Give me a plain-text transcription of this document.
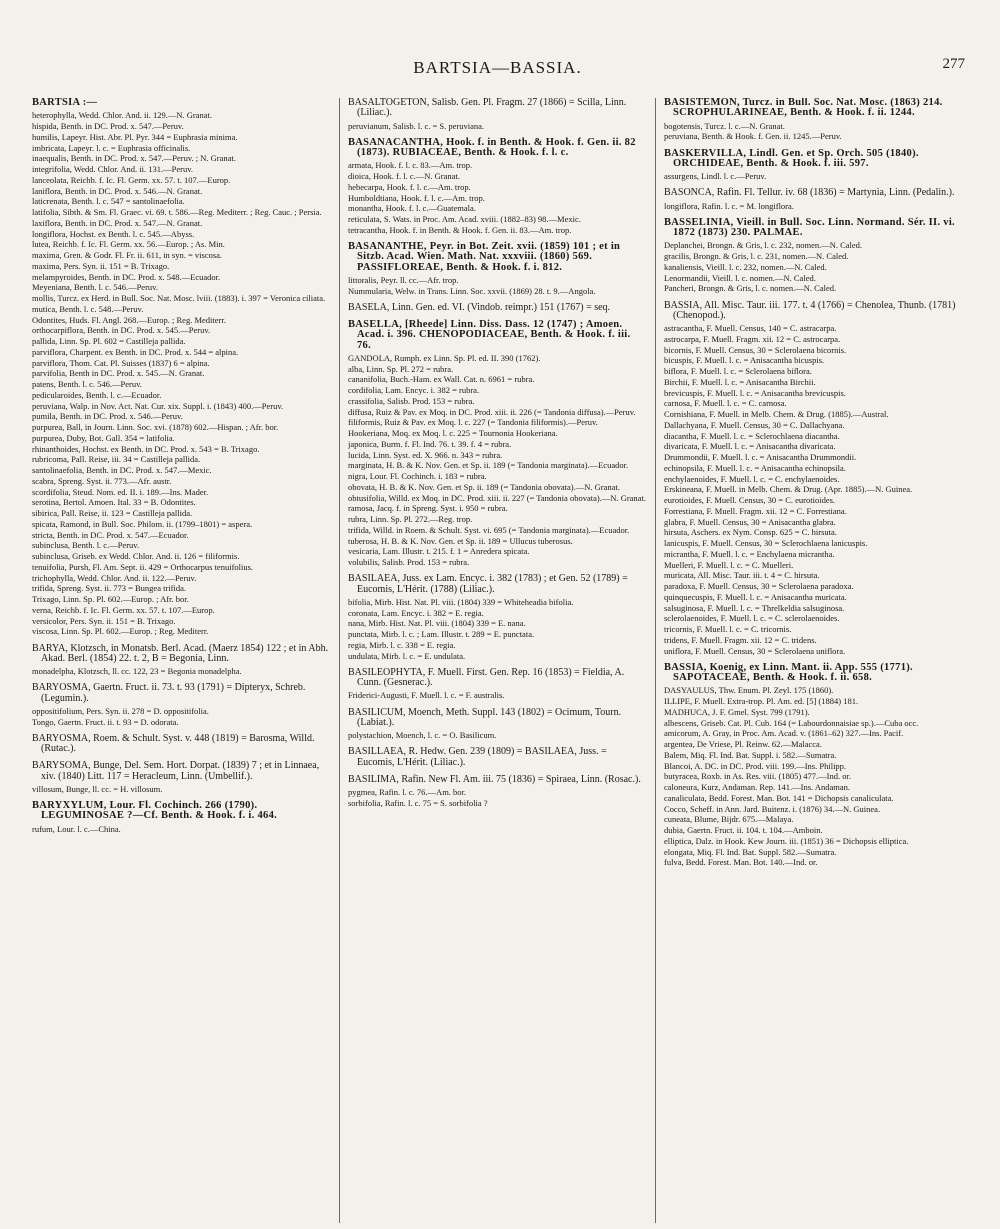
BARTSIA—BASSIA.	277
BARTSIA :—
heterophylla, Wedd. Chlor. And. ii. 129.—N. Granat.
hispida, Benth. in DC. Prod. x. 547.—Peruv.
humilis, Lapeyr. Hist. Abr. Pl. Pyr. 344 = Euphrasia minima.
imbricata, Lapeyr. l. c. = Euphrasia officinalis.
inaequalis, Benth. in DC. Prod. x. 547.—Peruv. ; N. Granat.
integrifolia, Wedd. Chlor. And. ii. 131.—Peruv.
lanceolata, Reichb. f. Ic. Fl. Germ. xx. 57. t. 107.—Europ.
laniflora, Benth. in DC. Prod. x. 546.—N. Granat.
laticrenata, Benth. l. c. 547 = santolinaefolia.
latifolia, Sibth. & Sm. Fl. Graec. vi. 69. t. 586.—Reg. Mediterr. ; Reg. Cauc. ; Persia.
laxiflora, Benth. in DC. Prod. x. 547.—N. Granat.
longiflora, Hochst. ex Benth. l. c. 545.—Abyss.
lutea, Reichb. f. Ic. Fl. Germ. xx. 56.—Europ. ; As. Min.
maxima, Gren. & Godr. Fl. Fr. ii. 611, in syn. = viscosa.
maxima, Pers. Syn. ii. 151 = B. Trixago.
melampyroides, Benth. in DC. Prod. x. 548.—Ecuador.
Meyeniana, Benth. l. c. 546.—Peruv.
mollis, Turcz. ex Herd. in Bull. Soc. Nat. Mosc. lviii. (1883). i. 397 = Veronica ciliata.
mutica, Benth. l. c. 548.—Peruv.
Odontites, Huds. Fl. Angl. 268.—Europ. ; Reg. Mediterr.
orthocarpiflora, Benth. in DC. Prod. x. 545.—Peruv.
pallida, Linn. Sp. Pl. 602 = Castilleja pallida.
parviflora, Charpent. ex Benth. in DC. Prod. x. 544 = alpina.
parviflora, Thom. Cat. Pl. Suisses (1837) 6 = alpina.
parvifolia, Benth in DC. Prod. x. 545.—N. Granat.
patens, Benth. l. c. 546.—Peruv.
pedicularoides, Benth. l. c.—Ecuador.
peruviana, Walp. in Nov. Act. Nat. Cur. xix. Suppl. i. (1843) 400.—Peruv.
pumila, Benth. in DC. Prod. x. 546.—Peruv.
purpurea, Ball, in Journ. Linn. Soc. xvi. (1878) 602.—Hispan. ; Afr. bor.
purpurea, Duby, Bot. Gall. 354 = latifolia.
rhinanthoides, Hochst. ex Benth. in DC. Prod. x. 543 = B. Trixago.
rubricoma, Pall. Reise, iii. 34 = Castilleja pallida.
santolinaefolia, Benth. in DC. Prod. x. 547.—Mexic.
scabra, Spreng. Syst. ii. 773.—Afr. austr.
scordifolia, Steud. Nom. ed. II. i. 189.—Ins. Mader.
serotina, Bertol. Amoen. Ital. 33 = B. Odontites.
sibirica, Pall. Reise, ii. 123 = Castilleja pallida.
spicata, Ramond, in Bull. Soc. Philom. ii. (1799–1801) = aspera.
stricta, Benth. in DC. Prod. x. 547.—Ecuador.
subinclusa, Benth. l. c.—Peruv.
subinclusa, Griseb. ex Wedd. Chlor. And. ii. 126 = filiformis.
tenuifolia, Pursh, Fl. Am. Sept. ii. 429 = Orthocarpus tenuifolius.
trichophylla, Wedd. Chlor. And. ii. 122.—Peruv.
trifida, Spreng. Syst. ii. 773 = Bungea trifida.
Trixago, Linn. Sp. Pl. 602.—Europ. ; Afr. bor.
verna, Reichb. f. Ic. Fl. Germ. xx. 57. t. 107.—Europ.
versicolor, Pers. Syn. ii. 151 = B. Trixago.
viscosa, Linn. Sp. Pl. 602.—Europ. ; Reg. Mediterr.
BARYA, Klotzsch, in Monatsb. Berl. Acad. (Maerz 1854) 122 ; et in Abh. Akad. Berl. (1854) 22. t. 2, B = Begonia, Linn.
monadelpha, Klotzsch, ll. cc. 122, 23 = Begonia monadelpha.
BARYOSMA, Gaertn. Fruct. ii. 73. t. 93 (1791) = Dipteryx, Schreb. (Legumin.).
oppositifolium, Pers. Syn. ii. 278 = D. oppositifolia.
Tongo, Gaertn. Fruct. ii. t. 93 = D. odorata.
BARYOSMA, Roem. & Schult. Syst. v. 448 (1819) = Barosma, Willd. (Rutac.).
BARYSOMA, Bunge, Del. Sem. Hort. Dorpat. (1839) 7 ; et in Linnaea, xiv. (1840) Litt. 117 = Heracleum, Linn. (Umbellif.).
villosum, Bunge, ll. cc. = H. villosum.
BARYXYLUM, Lour. Fl. Cochinch. 266 (1790). LEGUMINOSAE ?—Cf. Benth. & Hook. f. i. 464.
rufum, Lour. l. c.—China.
BASALTOGETON, Salisb. Gen. Pl. Fragm. 27 (1866) = Scilla, Linn. (Liliac.).
peruvianum, Salisb. l. c. = S. peruviana.
BASANACANTHA, Hook. f. in Benth. & Hook. f. Gen. ii. 82 (1873). RUBIACEAE, Benth. & Hook. f. l. c.
armata, Hook. f. l. c. 83.—Am. trop.
dioica, Hook. f. l. c.—N. Granat.
hebecarpa, Hook. f. l. c.—Am. trop.
Humboldtiana, Hook. f. l. c.—Am. trop.
monantha, Hook. f. l. c.—Guatemala.
reticulata, S. Wats. in Proc. Am. Acad. xviii. (1882–83) 98.—Mexic.
tetracantha, Hook. f. in Benth. & Hook. f. Gen. ii. 83.—Am. trop.
BASANANTHE, Peyr. in Bot. Zeit. xvii. (1859) 101 ; et in Sitzb. Acad. Wien. Math. Nat. xxxviii. (1860) 569. PASSIFLOREAE, Benth. & Hook. f. i. 812.
littoralis, Peyr. ll. cc.—Afr. trop.
Nummularia, Welw. in Trans. Linn. Soc. xxvii. (1869) 28. t. 9.—Angola.
BASELA, Linn. Gen. ed. VI. (Vindob. reimpr.) 151 (1767) = seq.
BASELLA, [Rheede] Linn. Diss. Dass. 12 (1747) ; Amoen. Acad. i. 396. CHENOPODIACEAE, Benth. & Hook. f. iii. 76.
GANDOLA, Rumph. ex Linn. Sp. Pl. ed. II. 390 (1762).
alba, Linn. Sp. Pl. 272 = rubra.
cananifolia, Buch.-Ham. ex Wall. Cat. n. 6961 = rubra.
cordifolia, Lam. Encyc. i. 382 = rubra.
crassifolia, Salisb. Prod. 153 = rubra.
diffusa, Ruiz & Pav. ex Moq. in DC. Prod. xiii. ii. 226 (= Tandonia diffusa).—Peruv.
filiformis, Ruiz & Pav. ex Moq. l. c. 227 (= Tandonia filiformis).—Peruv.
Hookeriana, Moq. ex Moq. l. c. 225 = Tournonia Hookeriana.
japonica, Burm. f. Fl. Ind. 76. t. 39. f. 4 = rubra.
lucida, Linn. Syst. ed. X. 966. n. 343 = rubra.
marginata, H. B. & K. Nov. Gen. et Sp. ii. 189 (= Tandonia marginata).—Ecuador.
nigra, Lour. Fl. Cochinch. i. 183 = rubra.
obovata, H. B. & K. Nov. Gen. et Sp. ii. 189 (= Tandonia obovata).—N. Granat.
obtusifolia, Willd. ex Moq. in DC. Prod. xiii. ii. 227 (= Tandonia obovata).—N. Granat.
ramosa, Jacq. f. in Spreng. Syst. i. 950 = rubra.
rubra, Linn. Sp. Pl. 272.—Reg. trop.
trifida, Willd. in Roem. & Schult. Syst. vi. 695 (= Tandonia marginata).—Ecuador.
tuberosa, H. B. & K. Nov. Gen. et Sp. ii. 189 = Ullucus tuberosus.
vesicaria, Lam. Illustr. t. 215. f. 1 = Anredera spicata.
volubilis, Salisb. Prod. 153 = rubra.
BASILAEA, Juss. ex Lam. Encyc. i. 382 (1783) ; et Gen. 52 (1789) = Eucomis, L'Hérit. (1788) (Liliac.).
bifolia, Mirb. Hist. Nat. Pl. viii. (1804) 339 = Whiteheadia bifolia.
coronata, Lam. Encyc. i. 382 = E. regia.
nana, Mirb. Hist. Nat. Pl. viii. (1804) 339 = E. nana.
punctata, Mirb. l. c. ; Lam. Illustr. t. 289 = E. punctata.
regia, Mirb. l. c. 338 = E. regia.
undulata, Mirb. l. c. = E. undulata.
BASILEOPHYTA, F. Muell. First. Gen. Rep. 16 (1853) = Fieldia, A. Cunn. (Gesnerac.).
Friderici-Augusti, F. Muell. l. c. = F. australis.
BASILICUM, Moench, Meth. Suppl. 143 (1802) = Ocimum, Tourn. (Labiat.).
polystachion, Moench, l. c. = O. Basilicum.
BASILLAEA, R. Hedw. Gen. 239 (1809) = BASILAEA, Juss. = Eucomis, L'Hérit. (Liliac.).
BASILIMA, Rafin. New Fl. Am. iii. 75 (1836) = Spiraea, Linn. (Rosac.).
pygmea, Rafin. l. c. 76.—Am. bor.
sorbifolia, Rafin. l. c. 75 = S. sorbifolia ?
BASISTEMON, Turcz. in Bull. Soc. Nat. Mosc. (1863) 214. SCROPHULARINEAE, Benth. & Hook. f. ii. 1244.
bogotensis, Turcz. l. c.—N. Granat.
peruviana, Benth. & Hook. f. Gen. ii. 1245.—Peruv.
BASKERVILLA, Lindl. Gen. et Sp. Orch. 505 (1840). ORCHIDEAE, Benth. & Hook. f. iii. 597.
assurgens, Lindl. l. c.—Peruv.
BASONCA, Rafin. Fl. Tellur. iv. 68 (1836) = Martynia, Linn. (Pedalin.).
longiflora, Rafin. l. c. = M. longiflora.
BASSELINIA, Vieill. in Bull. Soc. Linn. Normand. Sér. II. vi. 1872 (1873) 230. PALMAE.
Deplanchei, Brongn. & Gris, l. c. 232, nomen.—N. Caled.
gracilis, Brongn. & Gris, l. c. 231, nomen.—N. Caled.
kanaliensis, Vieill. l. c. 232, nomen.—N. Caled.
Lenormandii, Vieill. l. c. nomen.—N. Caled.
Pancheri, Brongn. & Gris, l. c. nomen.—N. Caled.
BASSIA, All. Misc. Taur. iii. 177. t. 4 (1766) = Chenolea, Thunb. (1781) (Chenopod.).
astracantha, F. Muell. Census, 140 = C. astracarpa.
astrocarpa, F. Muell. Fragm. xii. 12 = C. astrocarpa.
bicornis, F. Muell. Census, 30 = Sclerolaena bicornis.
bicuspis, F. Muell. l. c. = Anisacantha bicuspis.
biflora, F. Muell. l. c. = Sclerolaena biflora.
Birchii, F. Muell. l. c. = Anisacantha Birchii.
brevicuspis, F. Muell. l. c. = Anisacantha brevicuspis.
carnosa, F. Muell. l. c. = C. carnosa.
Cornishiana, F. Muell. in Melb. Chem. & Drug. (1885).—Austral.
Dallachyana, F. Muell. Census, 30 = C. Dallachyana.
diacantha, F. Muell. l. c. = Sclerochlaena diacantha.
divaricata, F. Muell. l. c. = Anisacantha divaricata.
Drummondii, F. Muell. l. c. = Anisacantha Drummondii.
echinopsila, F. Muell. l. c. = Anisacantha echinopsila.
enchylaenoides, F. Muell. l. c. = C. enchylaenoides.
Erskineana, F. Muell. in Melb. Chem. & Drug. (Apr. 1885).—N. Guinea.
eurotioides, F. Muell. Census, 30 = C. eurotioides.
Forrestiana, F. Muell. Fragm. xii. 12 = C. Forrestiana.
glabra, F. Muell. Census, 30 = Anisacantha glabra.
hirsuta, Aschers. ex Nym. Consp. 625 = C. hirsuta.
lanicuspis, F. Muell. Census, 30 = Sclerochlaena lanicuspis.
micrantha, F. Muell. l. c. = Enchylaena micrantha.
Muelleri, F. Muell. l. c. = C. Muelleri.
muricata, All. Misc. Taur. iii. t. 4 = C. hirsuta.
paradoxa, F. Muell. Census, 30 = Sclerolaena paradoxa.
quinquecuspis, F. Muell. l. c. = Anisacantha muricata.
salsuginosa, F. Muell. l. c. = Threlkeldia salsuginosa.
sclerolaenoides, F. Muell. l. c. = C. sclerolaenoides.
tricornis, F. Muell. l. c. = C. tricornis.
tridens, F. Muell. Fragm. xii. 12 = C. tridens.
uniflora, F. Muell. Census, 30 = Sclerolaena uniflora.
BASSIA, Koenig, ex Linn. Mant. ii. App. 555 (1771). SAPOTACEAE, Benth. & Hook. f. ii. 658.
DASYAULUS, Thw. Enum. Pl. Zeyl. 175 (1860).
ILLIPE, F. Muell. Extra-trop. Pl. Am. ed. [5] (1884) 181.
MADHUCA, J. F. Gmel. Syst. 799 (1791).
albescens, Griseb. Cat. Pl. Cub. 164 (= Labourdonnaisiae sp.).—Cuba occ.
amicorum, A. Gray, in Proc. Am. Acad. v. (1861–62) 327.—Ins. Pacif.
argentea, De Vriese, Pl. Reinw. 62.—Malacca.
Balem, Miq. Fl. Ind. Bat. Suppl. i. 582.—Sumatra.
Blancoi, A. DC. in DC. Prod. viii. 199.—Ins. Philipp.
butyracea, Roxb. in As. Res. viii. (1805) 477.—Ind. or.
caloneura, Kurz, Andaman. Rep. 141.—Ins. Andaman.
canaliculata, Bedd. Forest. Man. Bot. 141 = Dichopsis canaliculata.
Cocco, Scheff. in Ann. Jard. Buitenz. i. (1876) 34.—N. Guinea.
cuneata, Blume, Bijdr. 675.—Malaya.
dubia, Gaertn. Fruct. ii. 104. t. 104.—Amboin.
elliptica, Dalz. in Hook. Kew Journ. iii. (1851) 36 = Dichopsis elliptica.
elongata, Miq. Fl. Ind. Bat. Suppl. 582.—Sumatra.
fulva, Bedd. Forest. Man. Bot. 140.—Ind. or.
